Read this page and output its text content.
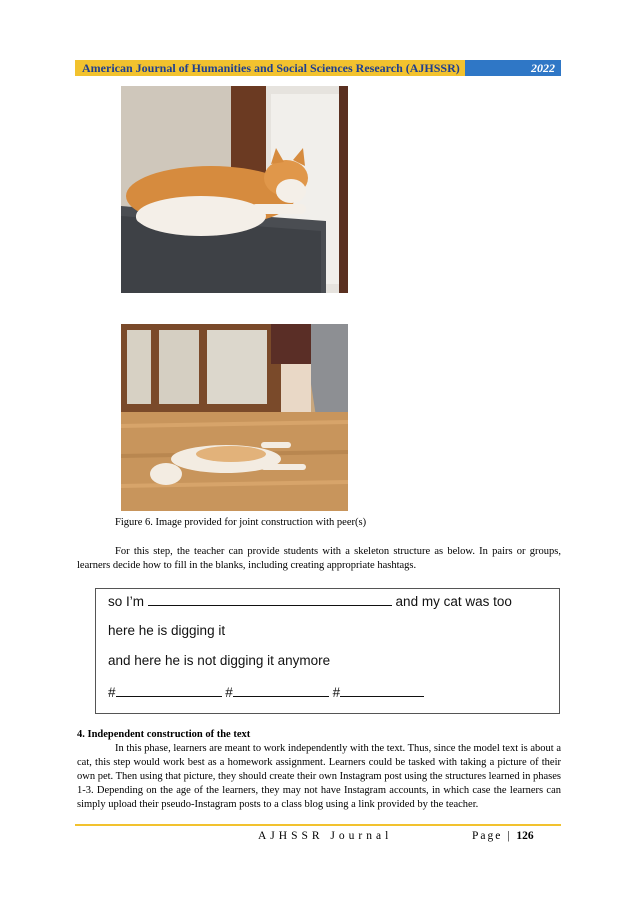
American Journal of Humanities and Social Sciences Research (AJHSSR)	2022
Figure 6. Image provided for joint construction with peer(s)
For this step, the teacher can provide students with a skeleton structure as below. In pairs or groups, learners decide how to fill in the blanks, including creating appropriate hashtags.
so I’m	and my cat was too
here he is digging it
and here he is not digging it anymore
#	#	#
4. Independent construction of the text
In this phase, learners are meant to work independently with the text. Thus, since the model text is about a cat, this step would work best as a homework assignment. Learners could be tasked with taking a picture of their own pet. Then using that picture, they should create their own Instagram post using the structures learned in phases 1-3. Depending on the age of the learners, they may not have Instagram accounts, in which case the learners can simply upload their pseudo-Instagram posts to a class blog using a link provided by the teacher.
AJHSSR Journal	Page | 126
